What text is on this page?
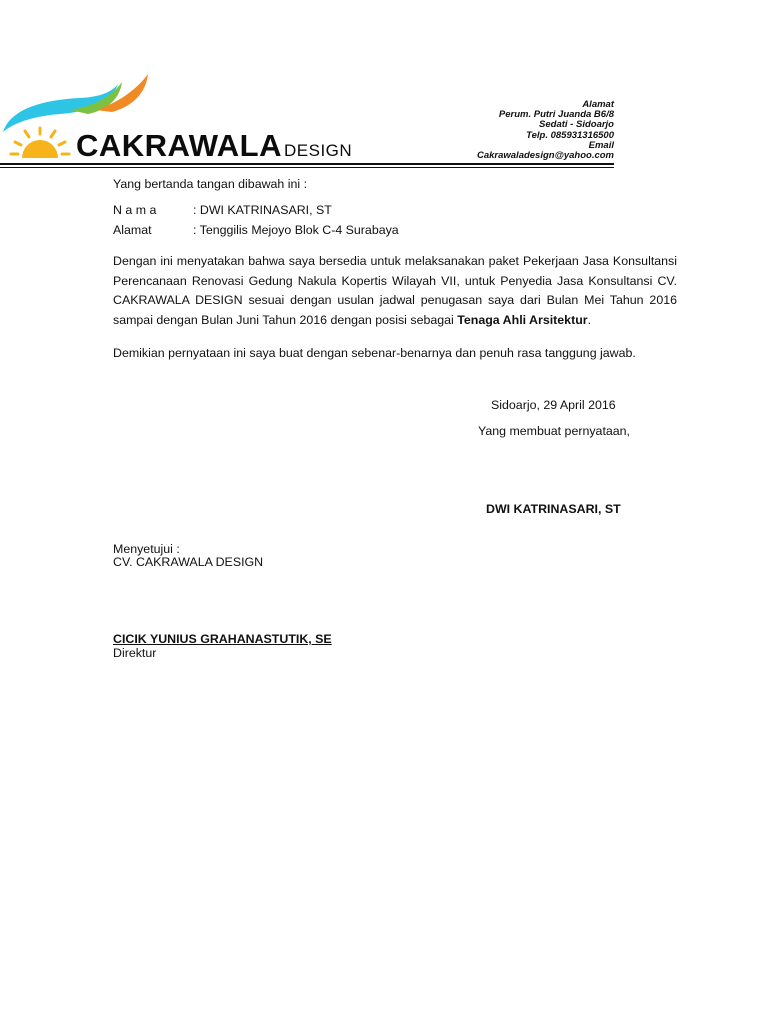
CAKRAWALA DESIGN
Alamat
Perum. Putri Juanda B6/8
Sedati - Sidoarjo
Telp. 085931316500
Email
Cakrawaladesign@yahoo.com
Yang bertanda tangan dibawah ini :
N a m a	: DWI KATRINASARI, ST
Alamat	: Tenggilis Mejoyo Blok C-4 Surabaya
Dengan ini menyatakan bahwa saya bersedia untuk melaksanakan paket Pekerjaan Jasa Konsultansi Perencanaan Renovasi Gedung Nakula Kopertis Wilayah VII, untuk Penyedia Jasa Konsultansi CV. CAKRAWALA DESIGN sesuai dengan usulan jadwal penugasan saya dari Bulan Mei Tahun 2016 sampai dengan Bulan Juni Tahun 2016 dengan posisi sebagai Tenaga Ahli Arsitektur.
Demikian pernyataan ini saya buat dengan sebenar-benarnya dan penuh rasa tanggung jawab.
Sidoarjo, 29 April 2016
Yang membuat pernyataan,
DWI KATRINASARI, ST
Menyetujui :
CV. CAKRAWALA DESIGN
CICIK YUNIUS GRAHANASTUTIK, SE
Direktur
